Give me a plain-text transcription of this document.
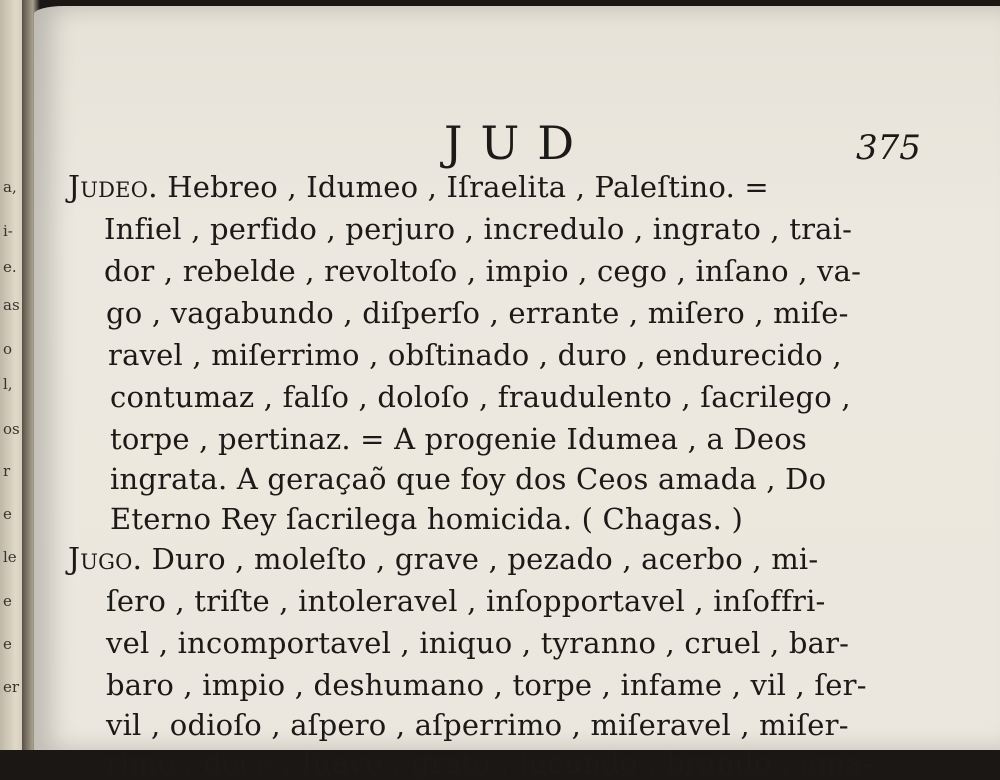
a,
i-
e.
as
o
l,
os
r
e
le
e
e
er
JUD	375
Judeo. Hebreo , Idumeo , Iſraelita , Paleſtino. =
Infiel , perfido , perjuro , incredulo , ingrato , trai-
dor , rebelde , revoltoſo , impio , cego , inſano , va-
go , vagabundo , diſperſo , errante , miſero , miſe-
ravel , miſerrimo , obſtinado , duro , endurecido ,
contumaz , falſo , doloſo , fraudulento , ſacrilego ,
torpe , pertinaz. = A progenie Idumea , a Deos
ingrata. A geraçaõ que foy dos Ceos amada , Do
Eterno Rey ſacrilega homicida. ( Chagas. )
Jugo. Duro , moleſto , grave , pezado , acerbo , mi-
ſero , triſte , intoleravel , inſopportavel , inſoffri-
vel , incomportavel , iniquo , tyranno , cruel , bar-
baro , impio , deshumano , torpe , infame , vil , ſer-
vil , odioſo , aſpero , aſperrimo , miſeravel , miſer-
rimo , doce , ſuave , grato , jucundo , brando , ama-
